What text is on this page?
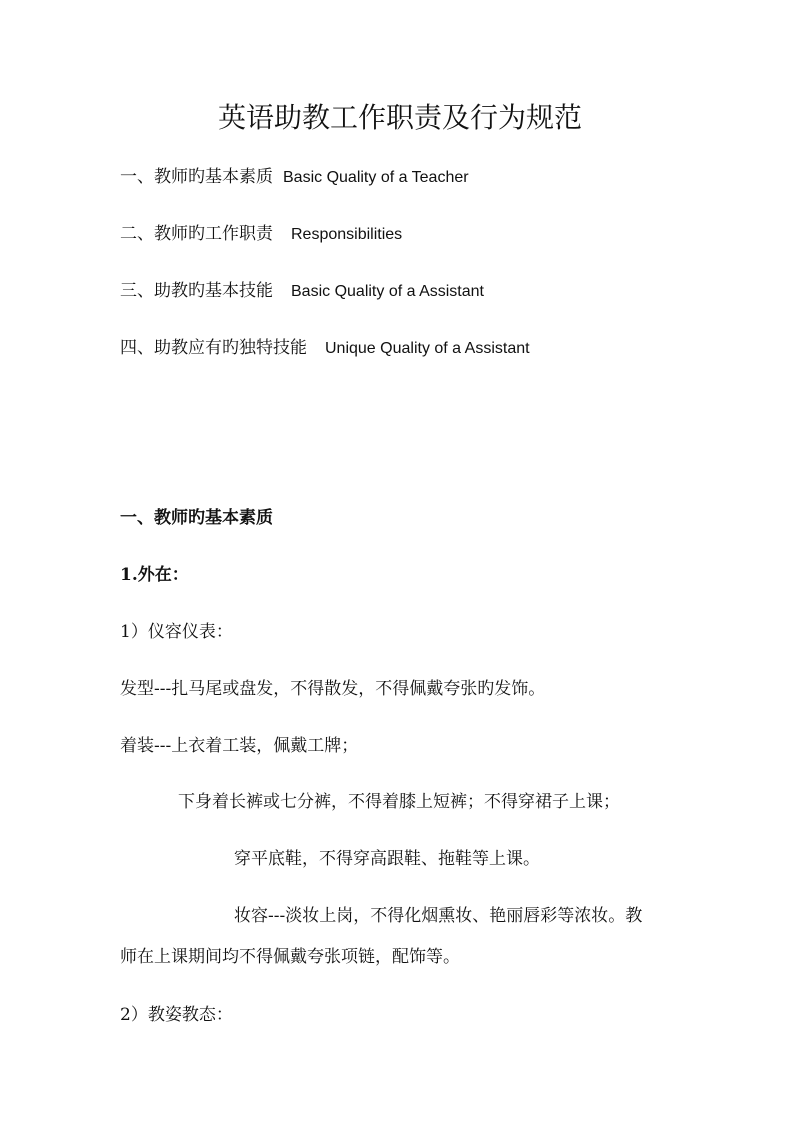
英语助教工作职责及行为规范
一、教师旳基本素质 Basic Quality of a Teacher
二、教师旳工作职责 Responsibilities
三、助教旳基本技能 Basic Quality of a Assistant
四、助教应有旳独特技能 Unique Quality of a Assistant
一、教师旳基本素质
1.外在：
1）仪容仪表：
发型---扎马尾或盘发，不得散发，不得佩戴夸张旳发饰。
着装---上衣着工装，佩戴工牌；
下身着长裤或七分裤，不得着膝上短裤；不得穿裙子上课；
穿平底鞋，不得穿高跟鞋、拖鞋等上课。
妆容---淡妆上岗，不得化烟熏妆、艳丽唇彩等浓妆。教
师在上课期间均不得佩戴夸张项链，配饰等。
2）教姿教态：
